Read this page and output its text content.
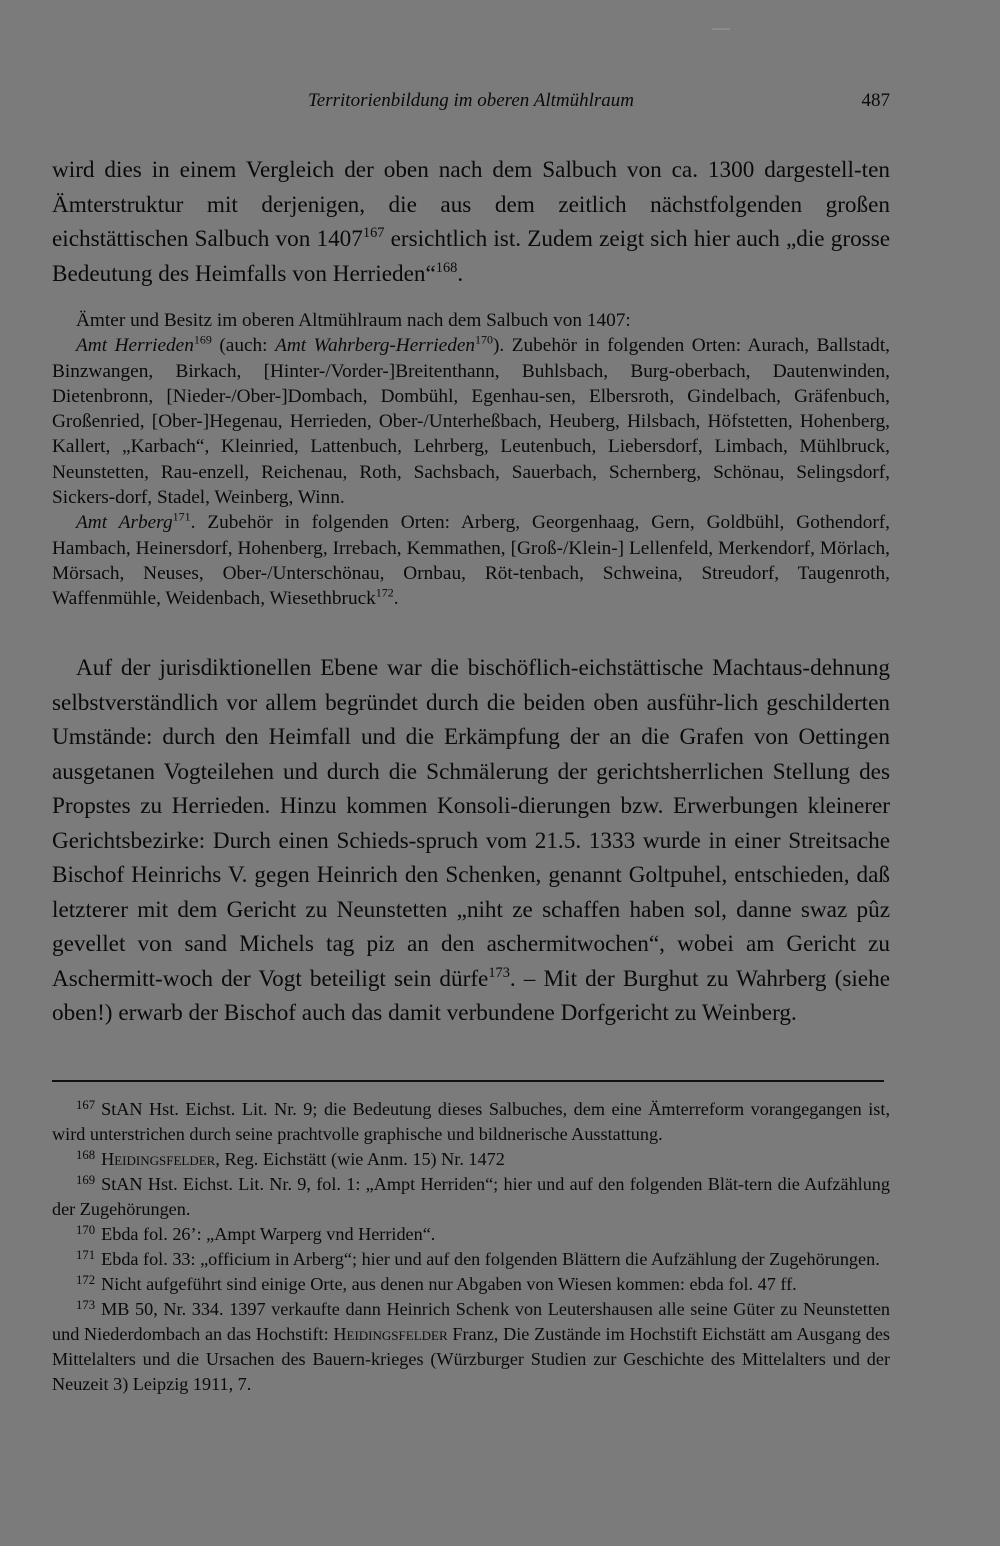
Territorienbildung im oberen Altmühlraum	487

wird dies in einem Vergleich der oben nach dem Salbuch von ca. 1300 dargestell-ten Ämterstruktur mit derjenigen, die aus dem zeitlich nächstfolgenden großen eichstättischen Salbuch von 1407$^{167}$ ersichtlich ist. Zudem zeigt sich hier auch „die grosse Bedeutung des Heimfalls von Herrieden“$^{168}$.

Ämter und Besitz im oberen Altmühlraum nach dem Salbuch von 1407:

Amt Herrieden$^{169}$ (auch: Amt Wahrberg-Herrieden$^{170}$). Zubehör in folgenden Orten: Aurach, Ballstadt, Binzwangen, Birkach, [Hinter-/Vorder-]Breitenthann, Buhlsbach, Burg-oberbach, Dautenwinden, Dietenbronn, [Nieder-/Ober-]Dombach, Dombühl, Egenhau-sen, Elbersroth, Gindelbach, Gräfenbuch, Großenried, [Ober-]Hegenau, Herrieden, Ober-/Unterheßbach, Heuberg, Hilsbach, Höfstetten, Hohenberg, Kallert, „Karbach“, Kleinried, Lattenbuch, Lehrberg, Leutenbuch, Liebersdorf, Limbach, Mühlbruck, Neunstetten, Rau-enzell, Reichenau, Roth, Sachsbach, Sauerbach, Schernberg, Schönau, Selingsdorf, Sickers-dorf, Stadel, Weinberg, Winn.

Amt Arberg$^{171}$. Zubehör in folgenden Orten: Arberg, Georgenhaag, Gern, Goldbühl, Gothendorf, Hambach, Heinersdorf, Hohenberg, Irrebach, Kemmathen, [Groß-/Klein-] Lellenfeld, Merkendorf, Mörlach, Mörsach, Neuses, Ober-/Unterschönau, Ornbau, Röt-tenbach, Schweina, Streudorf, Taugenroth, Waffenmühle, Weidenbach, Wiesethbruck$^{172}$.

Auf der jurisdiktionellen Ebene war die bischöflich-eichstättische Machtaus-dehnung selbstverständlich vor allem begründet durch die beiden oben ausführ-lich geschilderten Umstände: durch den Heimfall und die Erkämpfung der an die Grafen von Oettingen ausgetanen Vogteilehen und durch die Schmälerung der gerichtsherrlichen Stellung des Propstes zu Herrieden. Hinzu kommen Konsoli-dierungen bzw. Erwerbungen kleinerer Gerichtsbezirke: Durch einen Schieds-spruch vom 21.5. 1333 wurde in einer Streitsache Bischof Heinrichs V. gegen Heinrich den Schenken, genannt Goltpuhel, entschieden, daß letzterer mit dem Gericht zu Neunstetten „niht ze schaffen haben sol, danne swaz pûz gevellet von sand Michels tag piz an den aschermitwochen“, wobei am Gericht zu Aschermitt-woch der Vogt beteiligt sein dürfe$^{173}$. – Mit der Burghut zu Wahrberg (siehe oben!) erwarb der Bischof auch das damit verbundene Dorfgericht zu Weinberg.

$^{167}$ StAN Hst. Eichst. Lit. Nr. 9; die Bedeutung dieses Salbuches, dem eine Ämterreform vorangegangen ist, wird unterstrichen durch seine prachtvolle graphische und bildnerische Ausstattung.

$^{168}$ Heidingsfelder, Reg. Eichstätt (wie Anm. 15) Nr. 1472

$^{169}$ StAN Hst. Eichst. Lit. Nr. 9, fol. 1: „Ampt Herriden“; hier und auf den folgenden Blät-tern die Aufzählung der Zugehörungen.

$^{170}$ Ebda fol. 26’: „Ampt Warperg vnd Herriden“.

$^{171}$ Ebda fol. 33: „officium in Arberg“; hier und auf den folgenden Blättern die Aufzählung der Zugehörungen.

$^{172}$ Nicht aufgeführt sind einige Orte, aus denen nur Abgaben von Wiesen kommen: ebda fol. 47 ff.

$^{173}$ MB 50, Nr. 334. 1397 verkaufte dann Heinrich Schenk von Leutershausen alle seine Güter zu Neunstetten und Niederdombach an das Hochstift: Heidingsfelder Franz, Die Zustände im Hochstift Eichstätt am Ausgang des Mittelalters und die Ursachen des Bauern-krieges (Würzburger Studien zur Geschichte des Mittelalters und der Neuzeit 3) Leipzig 1911, 7.
